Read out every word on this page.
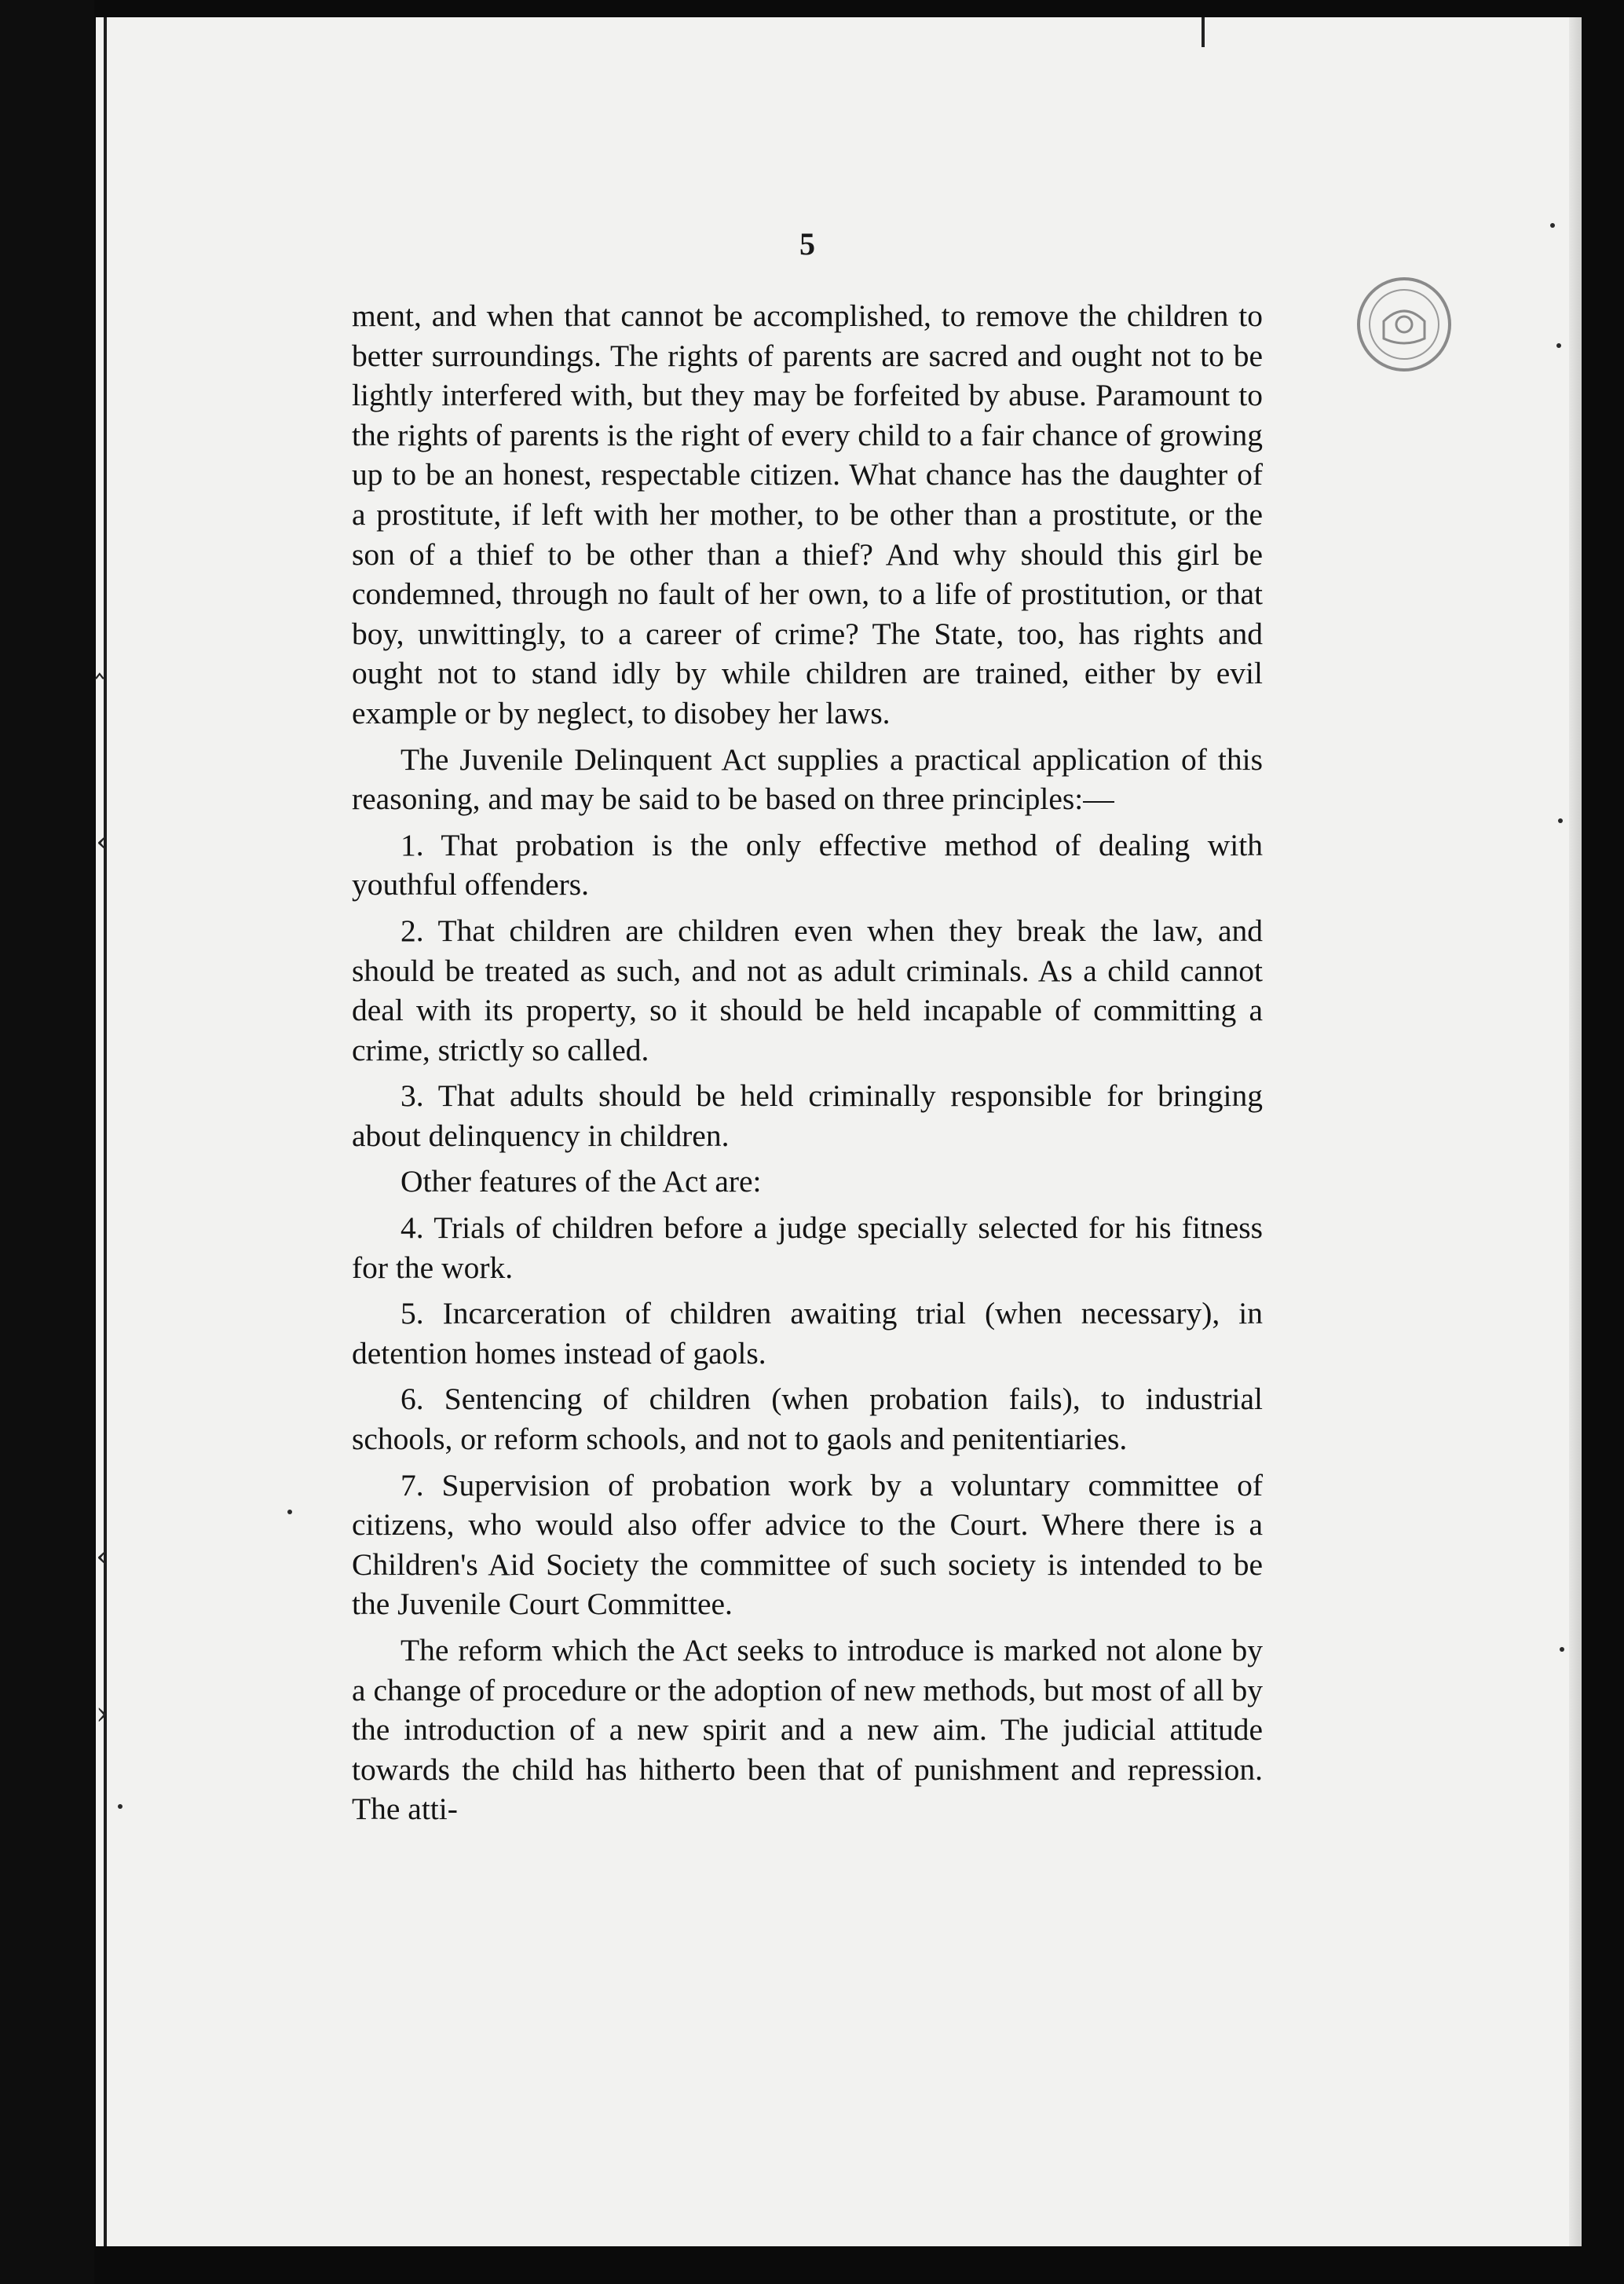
‸
‹
‹
›
5

ment, and when that cannot be accomplished, to remove the children to better surroundings. The rights of parents are sacred and ought not to be lightly interfered with, but they may be forfeited by abuse. Paramount to the rights of parents is the right of every child to a fair chance of growing up to be an honest, respectable citizen. What chance has the daughter of a prostitute, if left with her mother, to be other than a prostitute, or the son of a thief to be other than a thief? And why should this girl be condemned, through no fault of her own, to a life of prostitution, or that boy, unwittingly, to a career of crime? The State, too, has rights and ought not to stand idly by while children are trained, either by evil example or by neglect, to disobey her laws.

The Juvenile Delinquent Act supplies a practical application of this reasoning, and may be said to be based on three principles:—

1. That probation is the only effective method of dealing with youthful offenders.

2. That children are children even when they break the law, and should be treated as such, and not as adult criminals. As a child cannot deal with its property, so it should be held incapable of committing a crime, strictly so called.

3. That adults should be held criminally responsible for bringing about delinquency in children.

Other features of the Act are:

4. Trials of children before a judge specially selected for his fitness for the work.

5. Incarceration of children awaiting trial (when necessary), in detention homes instead of gaols.

6. Sentencing of children (when probation fails), to industrial schools, or reform schools, and not to gaols and penitentiaries.

7. Supervision of probation work by a voluntary committee of citizens, who would also offer advice to the Court. Where there is a Children's Aid Society the committee of such society is intended to be the Juvenile Court Committee.

The reform which the Act seeks to introduce is marked not alone by a change of procedure or the adoption of new methods, but most of all by the introduction of a new spirit and a new aim. The judicial attitude towards the child has hitherto been that of punishment and repression. The atti-
